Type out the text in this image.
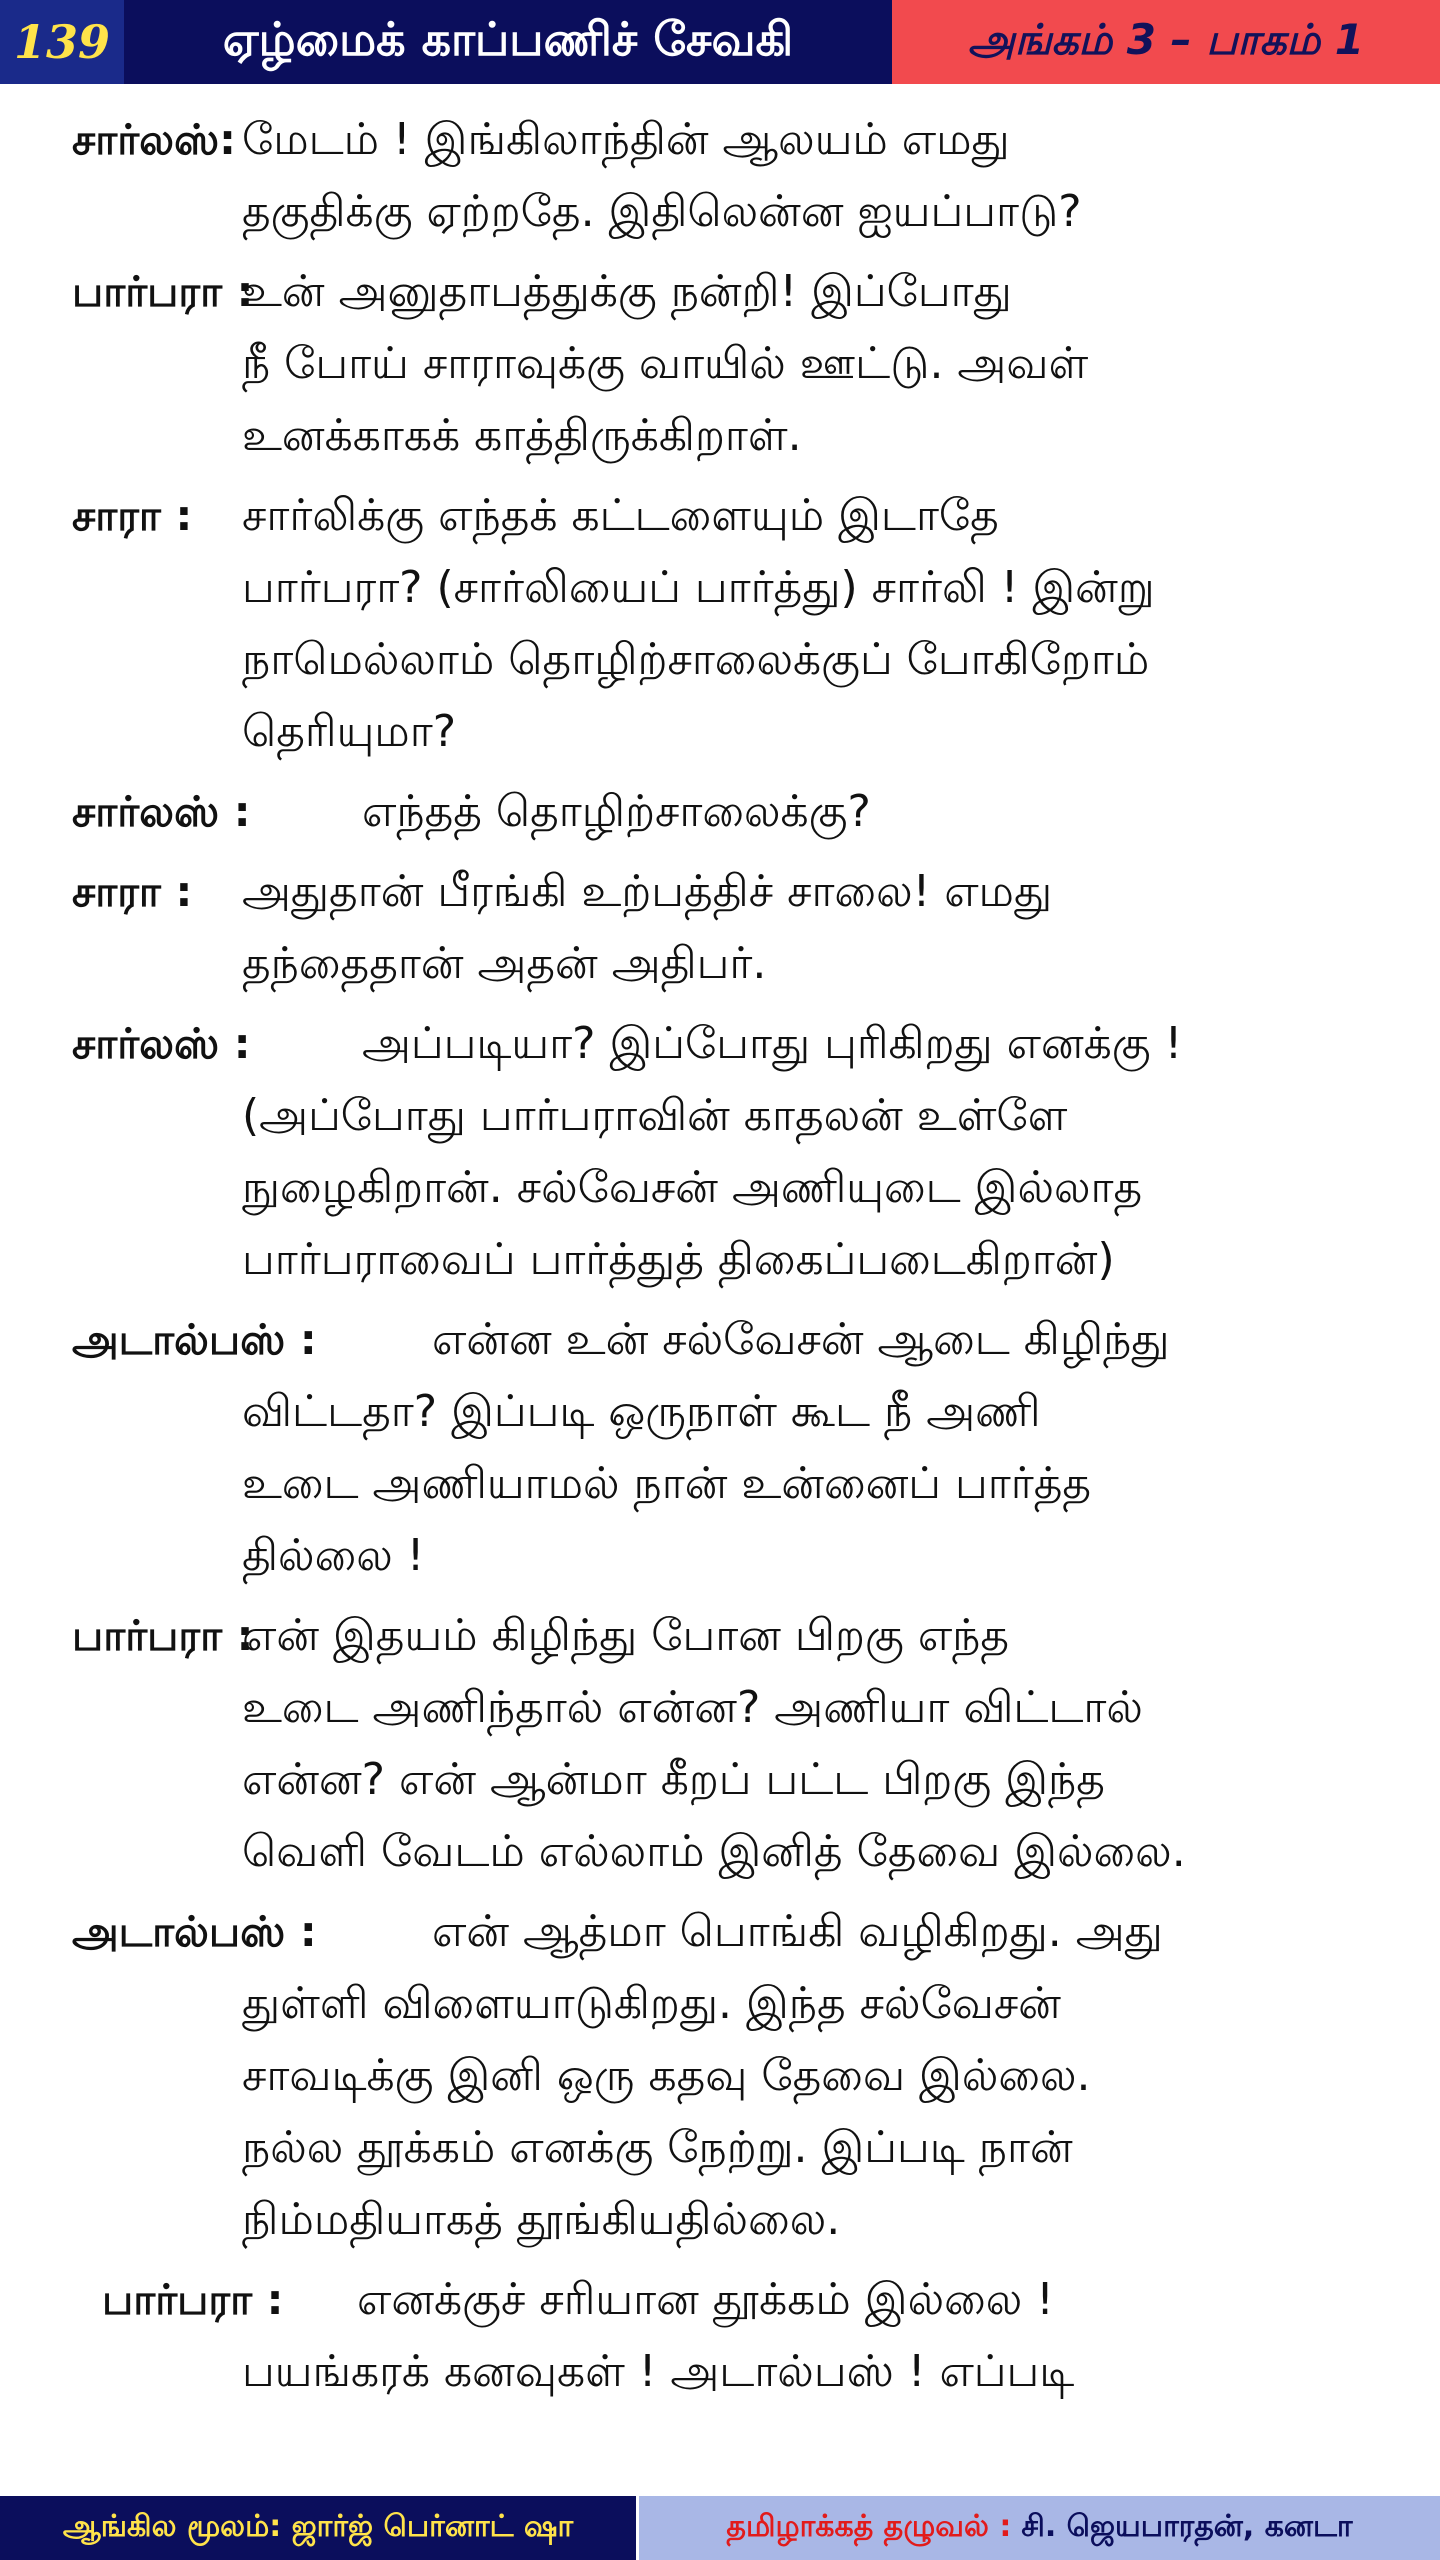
139	ஏழ்மைக் காப்பணிச் சேவகி	அங்கம் 3 – பாகம் 1
சார்லஸ்: மேடம் ! இங்கிலாந்தின் ஆலயம் எமது
தகுதிக்கு ஏற்றதே. இதிலென்ன ஐயப்பாடு?
பார்பரா :
உன் அனுதாபத்துக்கு நன்றி! இப்போது
நீ போய் சாராவுக்கு வாயில் ஊட்டு. அவள்
உனக்காகக் காத்திருக்கிறாள்.
சாரா : சார்லிக்கு எந்தக் கட்டளையும் இடாதே
பார்பரா? (சார்லியைப் பார்த்து) சார்லி ! இன்று
நாமெல்லாம் தொழிற்சாலைக்குப் போகிறோம்
தெரியுமா?
சார்லஸ் :	எந்தத் தொழிற்சாலைக்கு?
சாரா : அதுதான் பீரங்கி உற்பத்திச் சாலை! எமது
தந்தைதான் அதன் அதிபர்.
சார்லஸ் :	அப்படியா? இப்போது புரிகிறது எனக்கு !
(அப்போது பார்பராவின் காதலன் உள்ளே
நுழைகிறான். சல்வேசன் அணியுடை இல்லாத
பார்பராவைப் பார்த்துத் திகைப்படைகிறான்)
அடால்பஸ் :	என்ன உன் சல்வேசன் ஆடை கிழிந்து
விட்டதா? இப்படி ஒருநாள் கூட நீ அணி
உடை அணியாமல் நான் உன்னைப் பார்த்த
தில்லை !
பார்பரா :
என் இதயம் கிழிந்து போன பிறகு எந்த
உடை அணிந்தால் என்ன? அணியா விட்டால்
என்ன? என் ஆன்மா கீறப் பட்ட பிறகு இந்த
வெளி வேடம் எல்லாம் இனித் தேவை இல்லை.
அடால்பஸ் :	என் ஆத்மா பொங்கி வழிகிறது. அது
துள்ளி விளையாடுகிறது. இந்த சல்வேசன்
சாவடிக்கு இனி ஒரு கதவு தேவை இல்லை.
நல்ல தூக்கம் எனக்கு நேற்று. இப்படி நான்
நிம்மதியாகத் தூங்கியதில்லை.
பார்பரா : எனக்குச் சரியான தூக்கம் இல்லை !
பயங்கரக் கனவுகள் ! அடால்பஸ் ! எப்படி
ஆங்கில மூலம்: ஜார்ஜ் பெர்னாட் ஷா	தமிழாக்கத் தழுவல் : சி. ஜெயபாரதன், கனடா
